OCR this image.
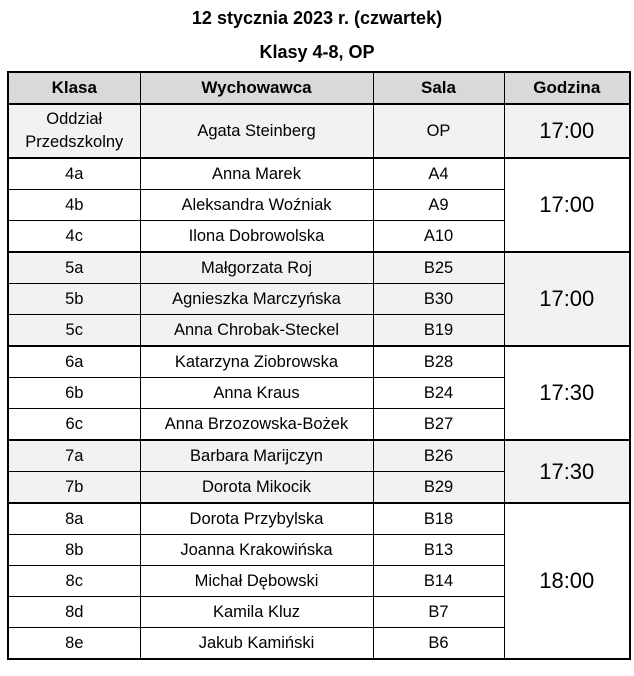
12 stycznia 2023 r. (czwartek)
Klasy 4-8, OP
Klasa	Wychowawca	Sala	Godzina

Oddział
Przedszkolny	Agata Steinberg	OP	17:00
4a	Anna Marek	A4	17:00
4b	Aleksandra Woźniak	A9	
4c	Ilona Dobrowolska	A10	
5a	Małgorzata Roj	B25	17:00
5b	Agnieszka Marczyńska	B30	
5c	Anna Chrobak-Steckel	B19	
6a	Katarzyna Ziobrowska	B28	17:30
6b	Anna Kraus	B24	
6c	Anna Brzozowska-Bożek	B27	
7a	Barbara Marijczyn	B26	17:30
7b	Dorota Mikocik	B29	
8a	Dorota Przybylska	B18	18:00
8b	Joanna Krakowińska	B13	
8c	Michał Dębowski	B14	
8d	Kamila Kluz	B7	
8e	Jakub Kamiński	B6	
